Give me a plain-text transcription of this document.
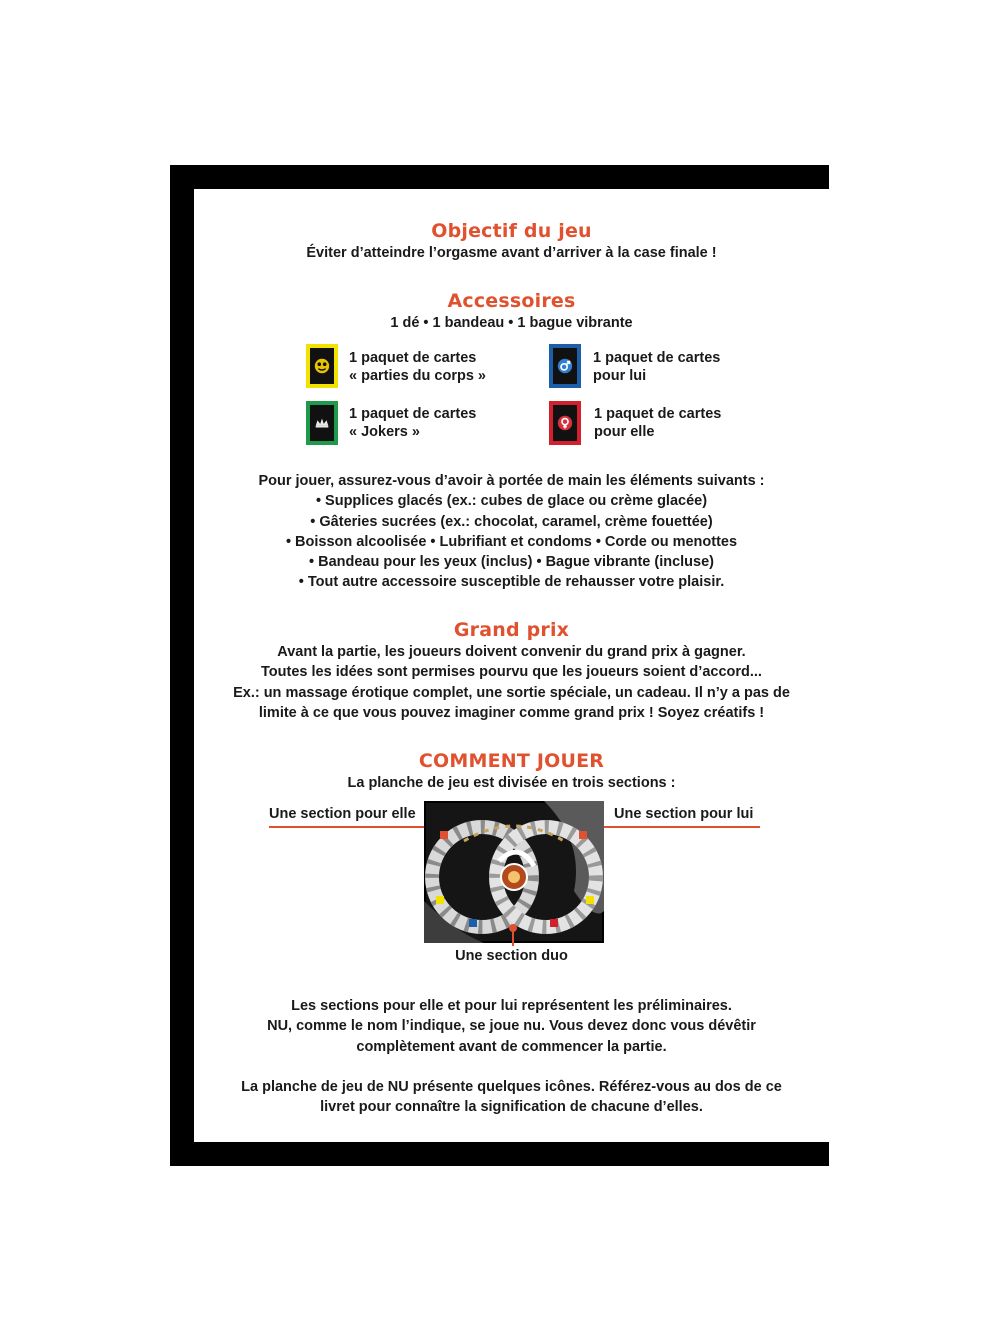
Objectif du jeu

Éviter d’atteindre l’orgasme avant d’arriver à la case finale !

Accessoires

1 dé • 1 bandeau • 1 bague vibrante

1 paquet de cartes
« parties du corps »
1 paquet de cartes
pour lui
1 paquet de cartes
« Jokers »
1 paquet de cartes
pour elle

Pour jouer, assurez-vous d’avoir à portée de main les éléments suivants :

• Supplices glacés (ex.: cubes de glace ou crème glacée)

• Gâteries sucrées (ex.: chocolat, caramel, crème fouettée)

• Boisson alcoolisée • Lubrifiant et condoms • Corde ou menottes

• Bandeau pour les yeux (inclus) • Bague vibrante (incluse)

• Tout autre accessoire susceptible de rehausser votre plaisir.

Grand prix

Avant la partie, les joueurs doivent convenir du grand prix à gagner.

Toutes les idées sont permises pourvu que les joueurs soient d’accord...

Ex.: un massage érotique complet, une sortie spéciale, un cadeau. Il n’y a pas de

limite à ce que vous pouvez imaginer comme grand prix ! Soyez créatifs !

COMMENT JOUER

La planche de jeu est divisée en trois sections :

Une section pour elle	Une section pour lui
Une section duo

Les sections pour elle et pour lui représentent les préliminaires.

NU, comme le nom l’indique, se joue nu. Vous devez donc vous dévêtir

complètement avant de commencer la partie.

La planche de jeu de NU présente quelques icônes. Référez-vous au dos de ce

livret pour connaître la signification de chacune d’elles.
